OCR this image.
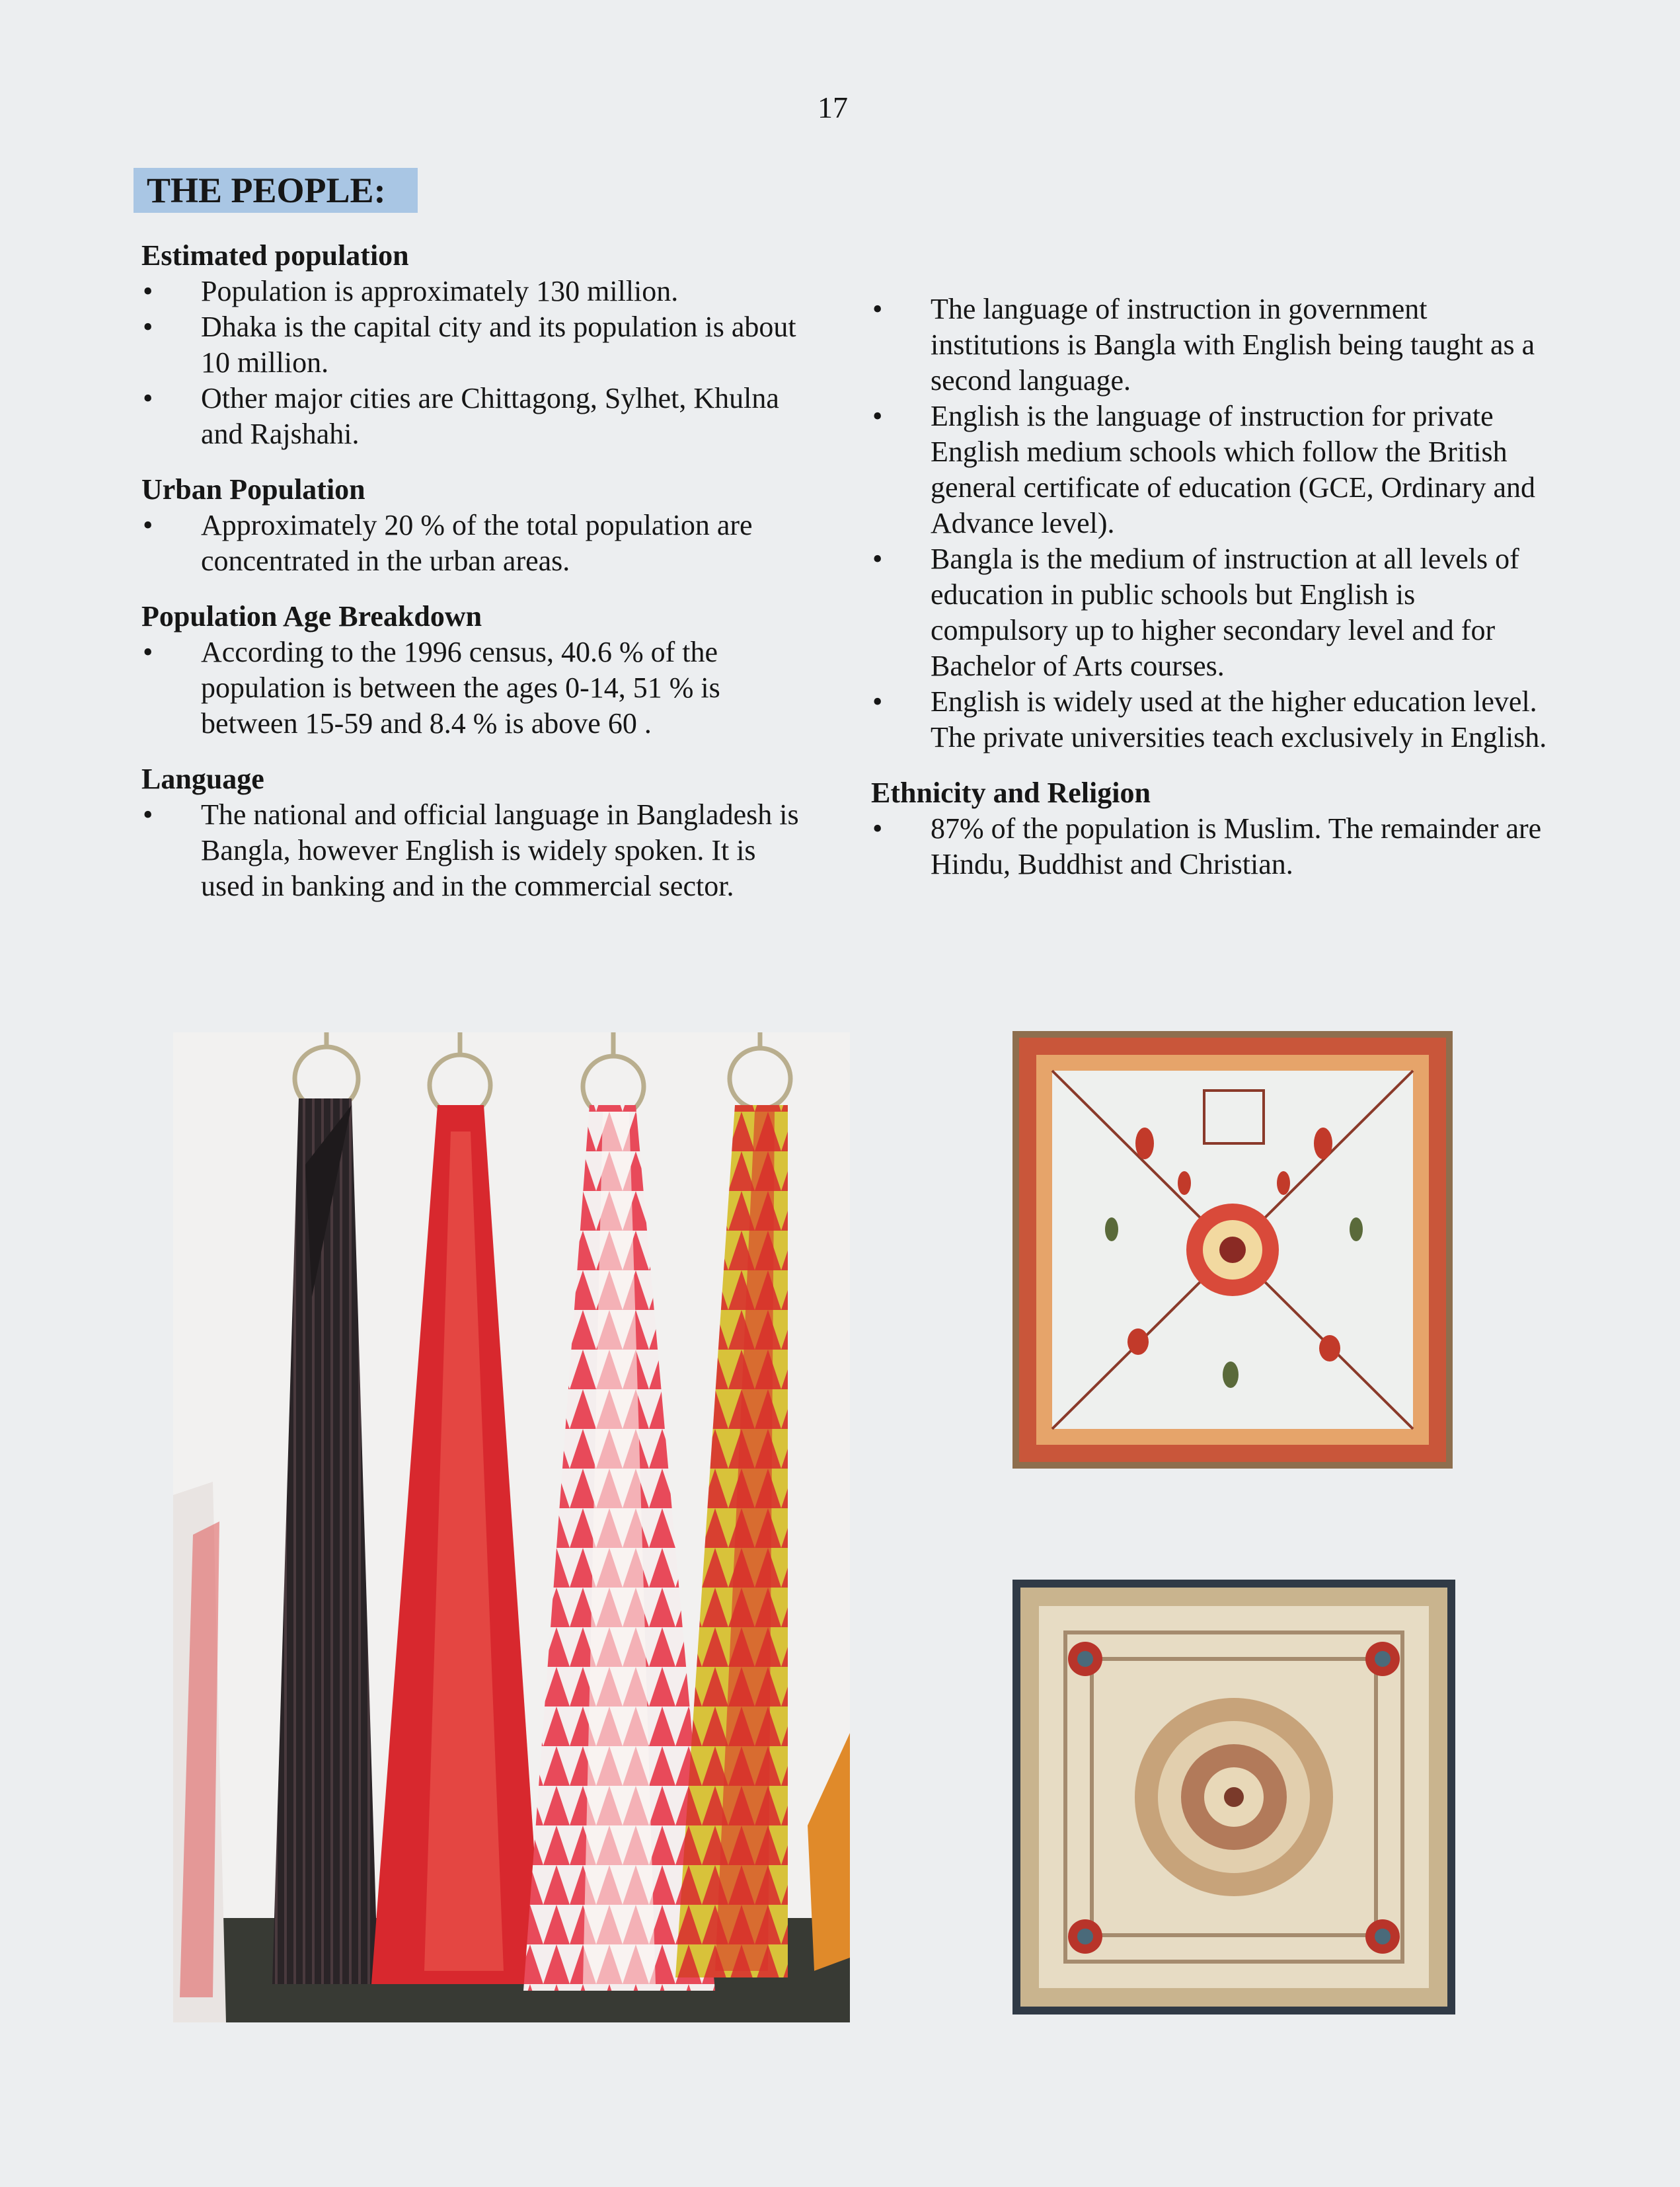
17
THE PEOPLE:

Estimated population

•	Population is approximately 130 million.
•	Dhaka is the capital city and its population is about 10 million.
•	Other major cities are Chittagong, Sylhet, Khulna and Rajshahi.

Urban Population

•	Approximately 20 % of the total population are concentrated in the urban areas.

Population Age Breakdown

•	According to the 1996 census, 40.6 % of the population is between the ages 0-14, 51 % is between 15-59 and 8.4 % is above 60 .

Language

•	The national and official language in Bangladesh is Bangla, however English is widely spoken. It is used in banking and in the commercial sector.
•	The language of instruction in government institutions is Bangla with English being taught as a second language.
•	English is the language of instruction for private English medium schools which follow the British general certificate of education (GCE, Ordinary and Advance level).
•	Bangla is the medium of instruction at all levels of education in public schools but English is compulsory up to higher secondary level and for Bachelor of Arts courses.
•	English is widely used at the higher education level. The private universities teach exclusively in English.

Ethnicity and Religion

•	87% of the population is Muslim. The remainder are Hindu, Buddhist and Christian.
